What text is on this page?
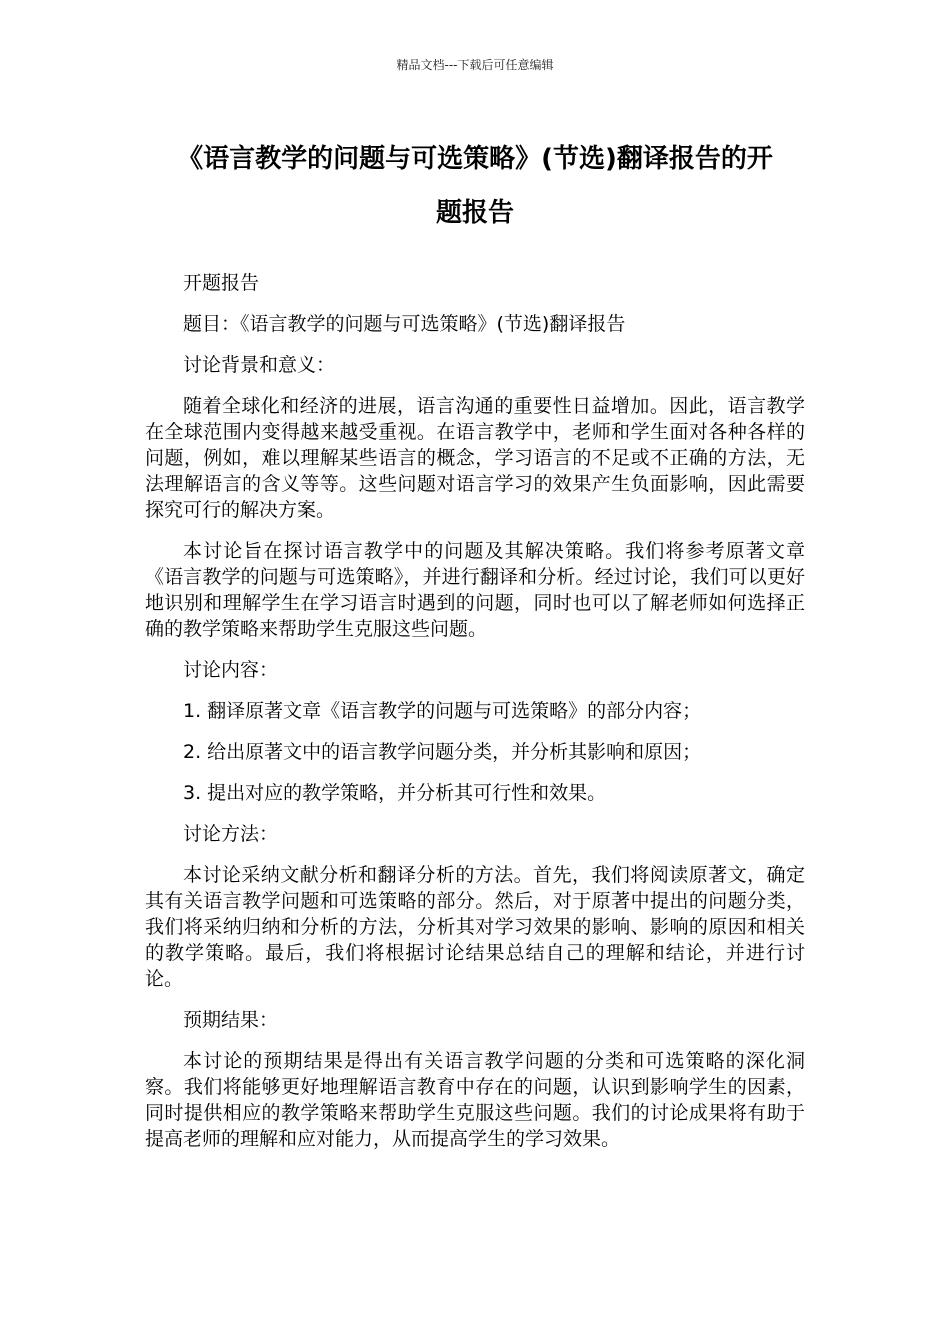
精品文档---下载后可任意编辑

《语言教学的问题与可选策略》(节选)翻译报告的开
题报告

开题报告

题目：《语言教学的问题与可选策略》(节选)翻译报告

讨论背景和意义：

随着全球化和经济的进展，语言沟通的重要性日益增加。因此，语言教学在全球范围内变得越来越受重视。在语言教学中，老师和学生面对各种各样的问题，例如，难以理解某些语言的概念，学习语言的不足或不正确的方法，无法理解语言的含义等等。这些问题对语言学习的效果产生负面影响，因此需要探究可行的解决方案。

本讨论旨在探讨语言教学中的问题及其解决策略。我们将参考原著文章《语言教学的问题与可选策略》，并进行翻译和分析。经过讨论，我们可以更好地识别和理解学生在学习语言时遇到的问题，同时也可以了解老师如何选择正确的教学策略来帮助学生克服这些问题。

讨论内容：

1. 翻译原著文章《语言教学的问题与可选策略》的部分内容；

2. 给出原著文中的语言教学问题分类，并分析其影响和原因；

3. 提出对应的教学策略，并分析其可行性和效果。

讨论方法：

本讨论采纳文献分析和翻译分析的方法。首先，我们将阅读原著文，确定其有关语言教学问题和可选策略的部分。然后，对于原著中提出的问题分类，我们将采纳归纳和分析的方法，分析其对学习效果的影响、影响的原因和相关的教学策略。最后，我们将根据讨论结果总结自己的理解和结论，并进行讨论。

预期结果：

本讨论的预期结果是得出有关语言教学问题的分类和可选策略的深化洞察。我们将能够更好地理解语言教育中存在的问题，认识到影响学生的因素，同时提供相应的教学策略来帮助学生克服这些问题。我们的讨论成果将有助于提高老师的理解和应对能力，从而提高学生的学习效果。
